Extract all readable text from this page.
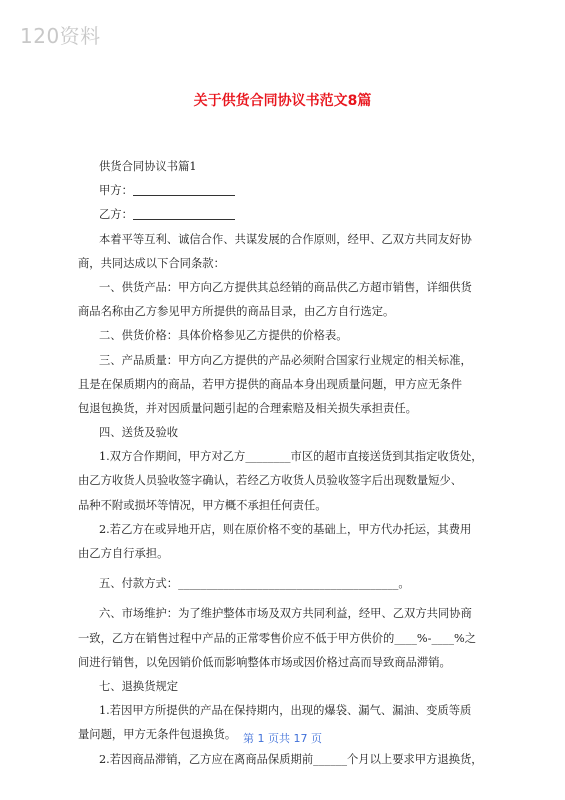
120资料
关于供货合同协议书范文8篇
供货合同协议书篇1
甲方：
乙方：
本着平等互利、诚信合作、共谋发展的合作原则，经甲、乙双方共同友好协
商，共同达成以下合同条款：
一、供货产品：甲方向乙方提供其总经销的商品供乙方超市销售，详细供货
商品名称由乙方参见甲方所提供的商品目录，由乙方自行选定。
二、供货价格：具体价格参见乙方提供的价格表。
三、产品质量：甲方向乙方提供的产品必须附合国家行业规定的相关标准，
且是在保质期内的商品，若甲方提供的商品本身出现质量问题，甲方应无条件
包退包换货，并对因质量问题引起的合理索赔及相关损失承担责任。
四、送货及验收
1.双方合作期间，甲方对乙方________市区的超市直接送货到其指定收货处，
由乙方收货人员验收签字确认，若经乙方收货人员验收签字后出现数量短少、
品种不附或损坏等情况，甲方概不承担任何责任。
2.若乙方在或异地开店，则在原价格不变的基础上，甲方代办托运，其费用
由乙方自行承担。
五、付款方式：_______________________________________。
六、市场维护：为了维护整体市场及双方共同利益，经甲、乙双方共同协商
一致，乙方在销售过程中产品的正常零售价应不低于甲方供价的____%-____%之
间进行销售，以免因销价低而影响整体市场或因价格过高而导致商品滞销。
七、退换货规定
1.若因甲方所提供的产品在保持期内，出现的爆袋、漏气、漏油、变质等质
量问题，甲方无条件包退换货。
2.若因商品滞销，乙方应在离商品保质期前______个月以上要求甲方退换货，
第 1 页共 17 页
